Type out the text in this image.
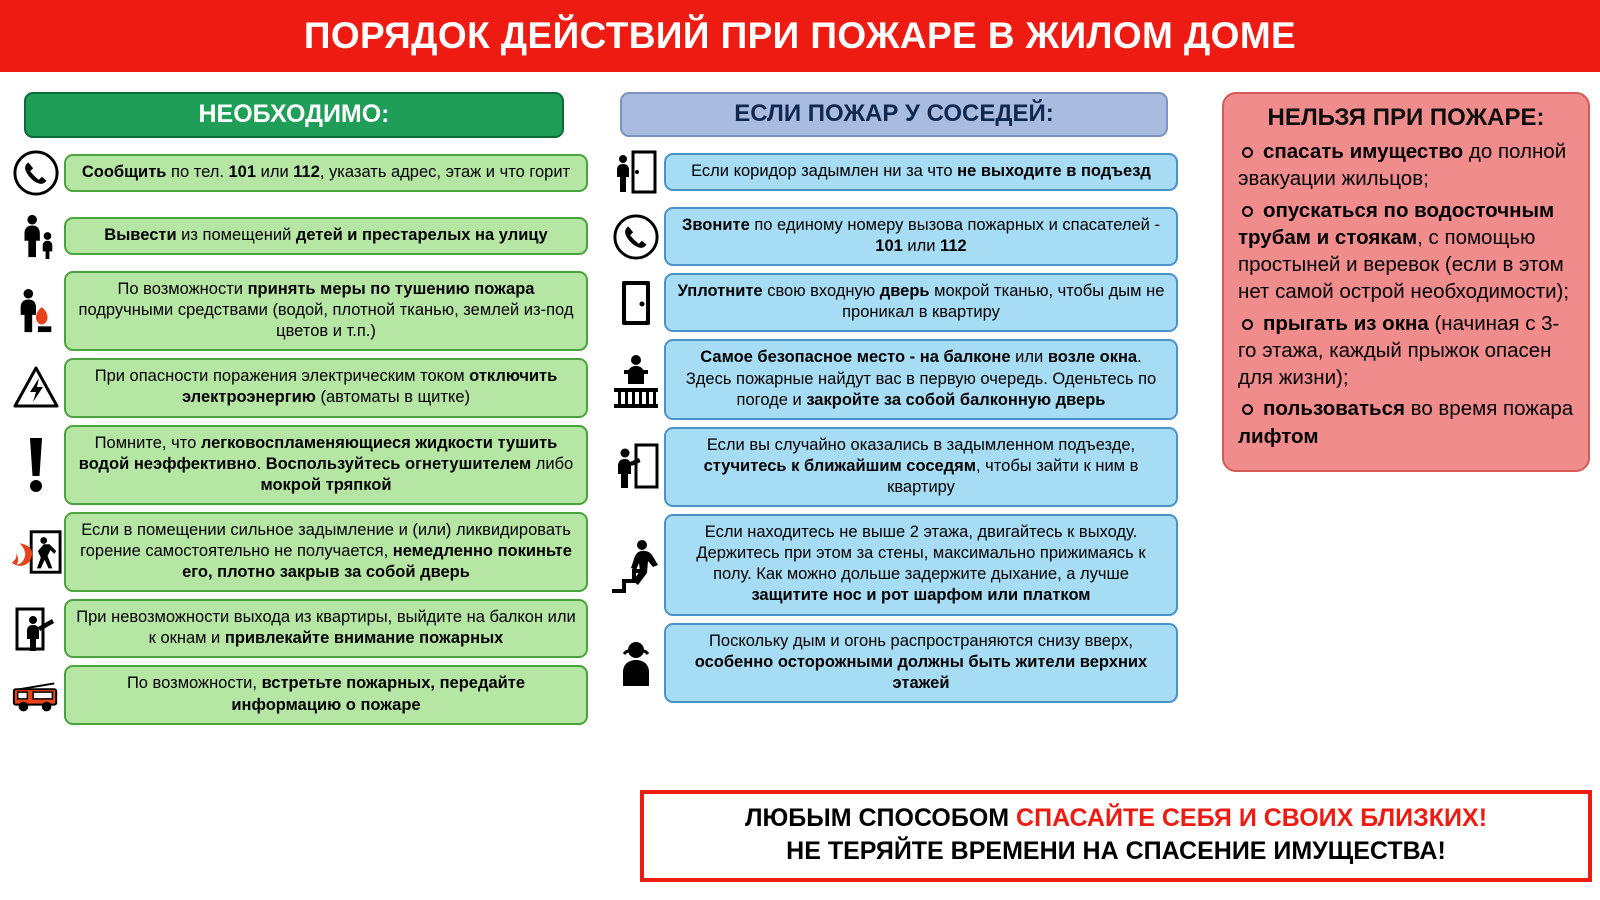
ПОРЯДОК ДЕЙСТВИЙ ПРИ ПОЖАРЕ В ЖИЛОМ ДОМЕ
НЕОБХОДИМО:
Сообщить по тел. 101 или 112, указать адрес, этаж и что горит
Вывести из помещений детей и престарелых на улицу
По возможности принять меры по тушению пожара подручными средствами (водой, плотной тканью, землей из-под цветов и т.п.)
При опасности поражения электрическим током отключить электроэнергию (автоматы в щитке)
Помните, что легковоспламеняющиеся жидкости тушить водой неэффективно. Воспользуйтесь огнетушителем либо мокрой тряпкой
Если в помещении сильное задымление и (или) ликвидировать горение самостоятельно не получается, немедленно покиньте его, плотно закрыв за собой дверь
При невозможности выхода из квартиры, выйдите на балкон или к окнам и привлекайте внимание пожарных
По возможности, встретьте пожарных, передайте информацию о пожаре
ЕСЛИ ПОЖАР У СОСЕДЕЙ:
Если коридор задымлен ни за что не выходите в подъезд
Звоните по единому номеру вызова пожарных и спасателей - 101 или 112
Уплотните свою входную дверь мокрой тканью, чтобы дым не проникал в квартиру
Самое безопасное место - на балконе или возле окна. Здесь пожарные найдут вас в первую очередь. Оденьтесь по погоде и закройте за собой балконную дверь
Если вы случайно оказались в задымленном подъезде, стучитесь к ближайшим соседям, чтобы зайти к ним в квартиру
Если находитесь не выше 2 этажа, двигайтесь к выходу. Держитесь при этом за стены, максимально прижимаясь к полу. Как можно дольше задержите дыхание, а лучше защитите нос и рот шарфом или платком
Поскольку дым и огонь распространяются снизу вверх, особенно осторожными должны быть жители верхних этажей
НЕЛЬЗЯ ПРИ ПОЖАРЕ:
спасать имущество до полной эвакуации жильцов;
опускаться по водосточным трубам и стоякам, с помощью простыней и веревок (если в этом нет самой острой необходимости);
прыгать из окна (начиная с 3-го этажа, каждый прыжок опасен для жизни);
пользоваться во время пожара лифтом
ЛЮБЫМ СПОСОБОМ СПАСАЙТЕ СЕБЯ И СВОИХ БЛИЗКИХ!
НЕ ТЕРЯЙТЕ ВРЕМЕНИ НА СПАСЕНИЕ ИМУЩЕСТВА!
